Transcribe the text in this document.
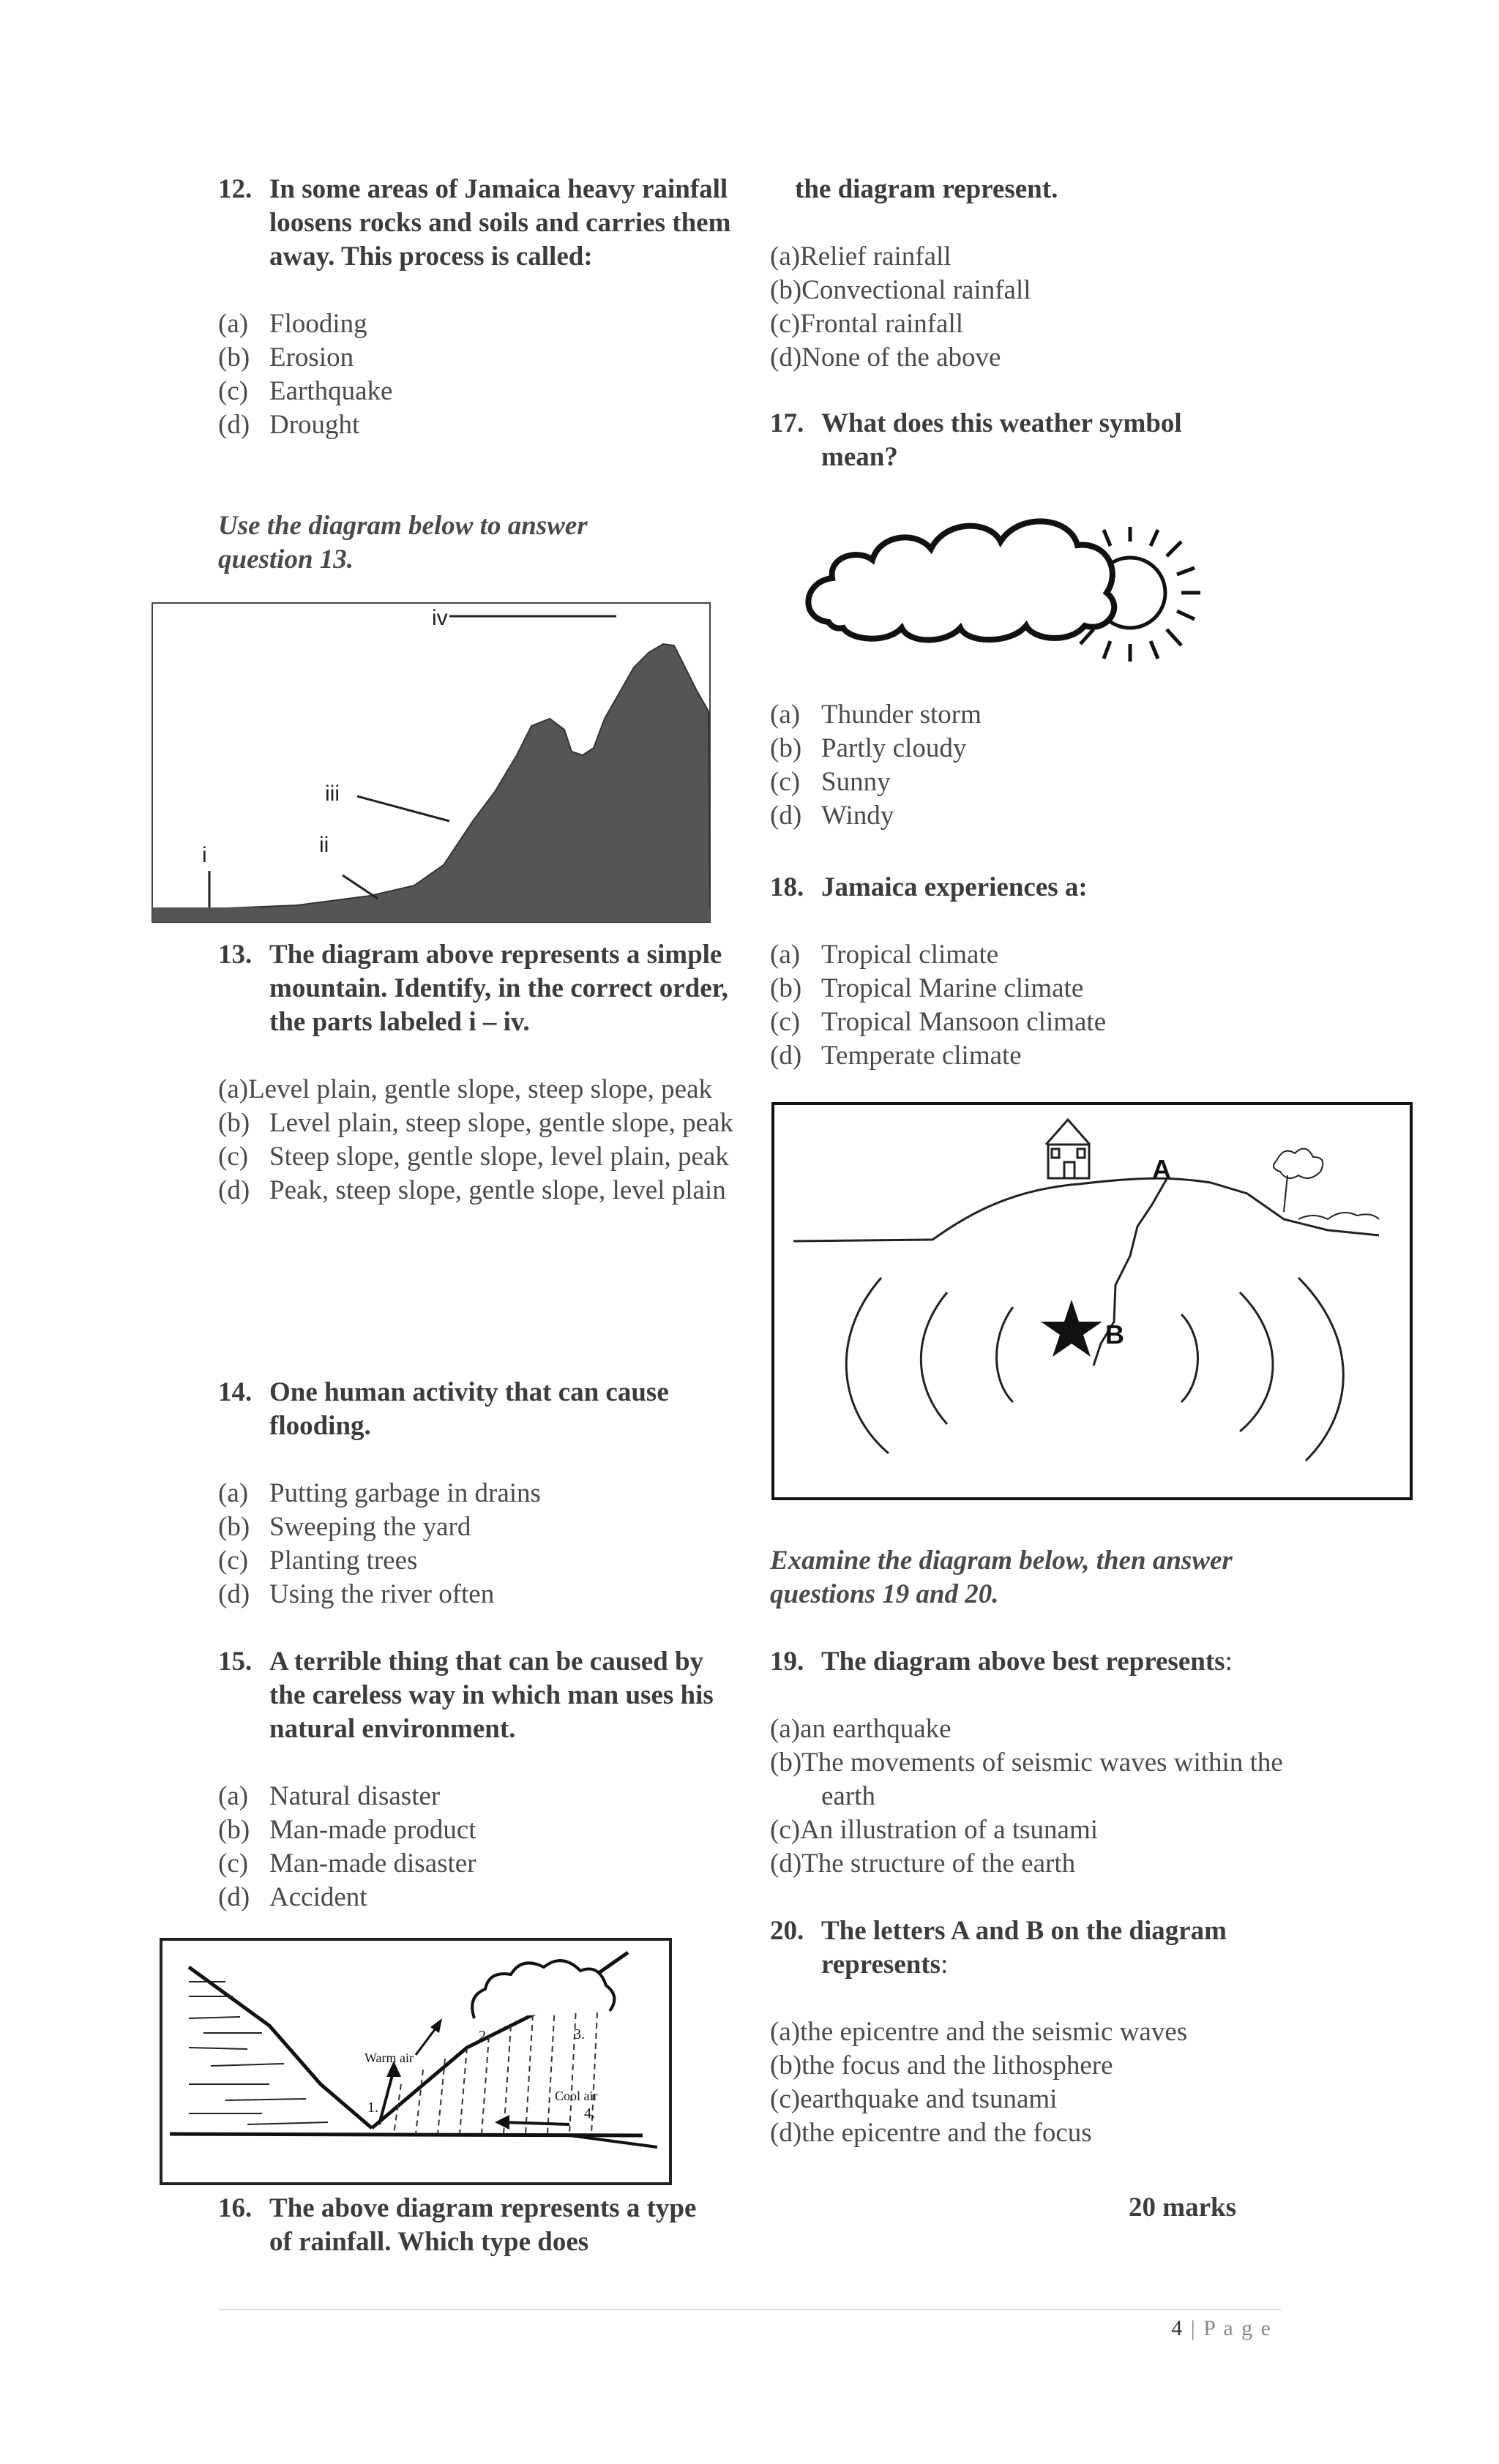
12. In some areas of Jamaica heavy rainfall loosens rocks and soils and carries them away. This process is called:
(a) Flooding
(b) Erosion
(c) Earthquake
(d) Drought
Use the diagram below to answer question 13.
i	ii
iii
iv
13. The diagram above represents a simple mountain. Identify, in the correct order, the parts labeled i – iv.
(a)Level plain, gentle slope, steep slope, peak
(b) Level plain, steep slope, gentle slope, peak
(c) Steep slope, gentle slope, level plain, peak
(d) Peak, steep slope, gentle slope, level plain
14. One human activity that can cause flooding.
(a) Putting garbage in drains
(b) Sweeping the yard
(c) Planting trees
(d) Using the river often
15. A terrible thing that can be caused by the careless way in which man uses his natural environment.
(a) Natural disaster
(b) Man-made product
(c) Man-made disaster
(d) Accident
Warm air
Cool air
1.
2.	3.
4.
16. The above diagram represents a type of rainfall. Which type does
the diagram represent.
(a)Relief rainfall
(b)Convectional rainfall
(c)Frontal rainfall
(d)None of the above
17. What does this weather symbol mean?
(a) Thunder storm
(b) Partly cloudy
(c) Sunny
(d) Windy
18. Jamaica experiences a:
(a) Tropical climate
(b) Tropical Marine climate
(c) Tropical Mansoon climate
(d) Temperate climate
B
A
Examine the diagram below, then answer questions 19 and 20.
19. The diagram above best represents:
(a)an earthquake
(b)The movements of seismic waves within the earth
(c)An illustration of a tsunami
(d)The structure of the earth
20. The letters A and B on the diagram represents:
(a)the epicentre and the seismic waves
(b)the focus and the lithosphere
(c)earthquake and tsunami
(d)the epicentre and the focus
20 marks
4 | P a g e
